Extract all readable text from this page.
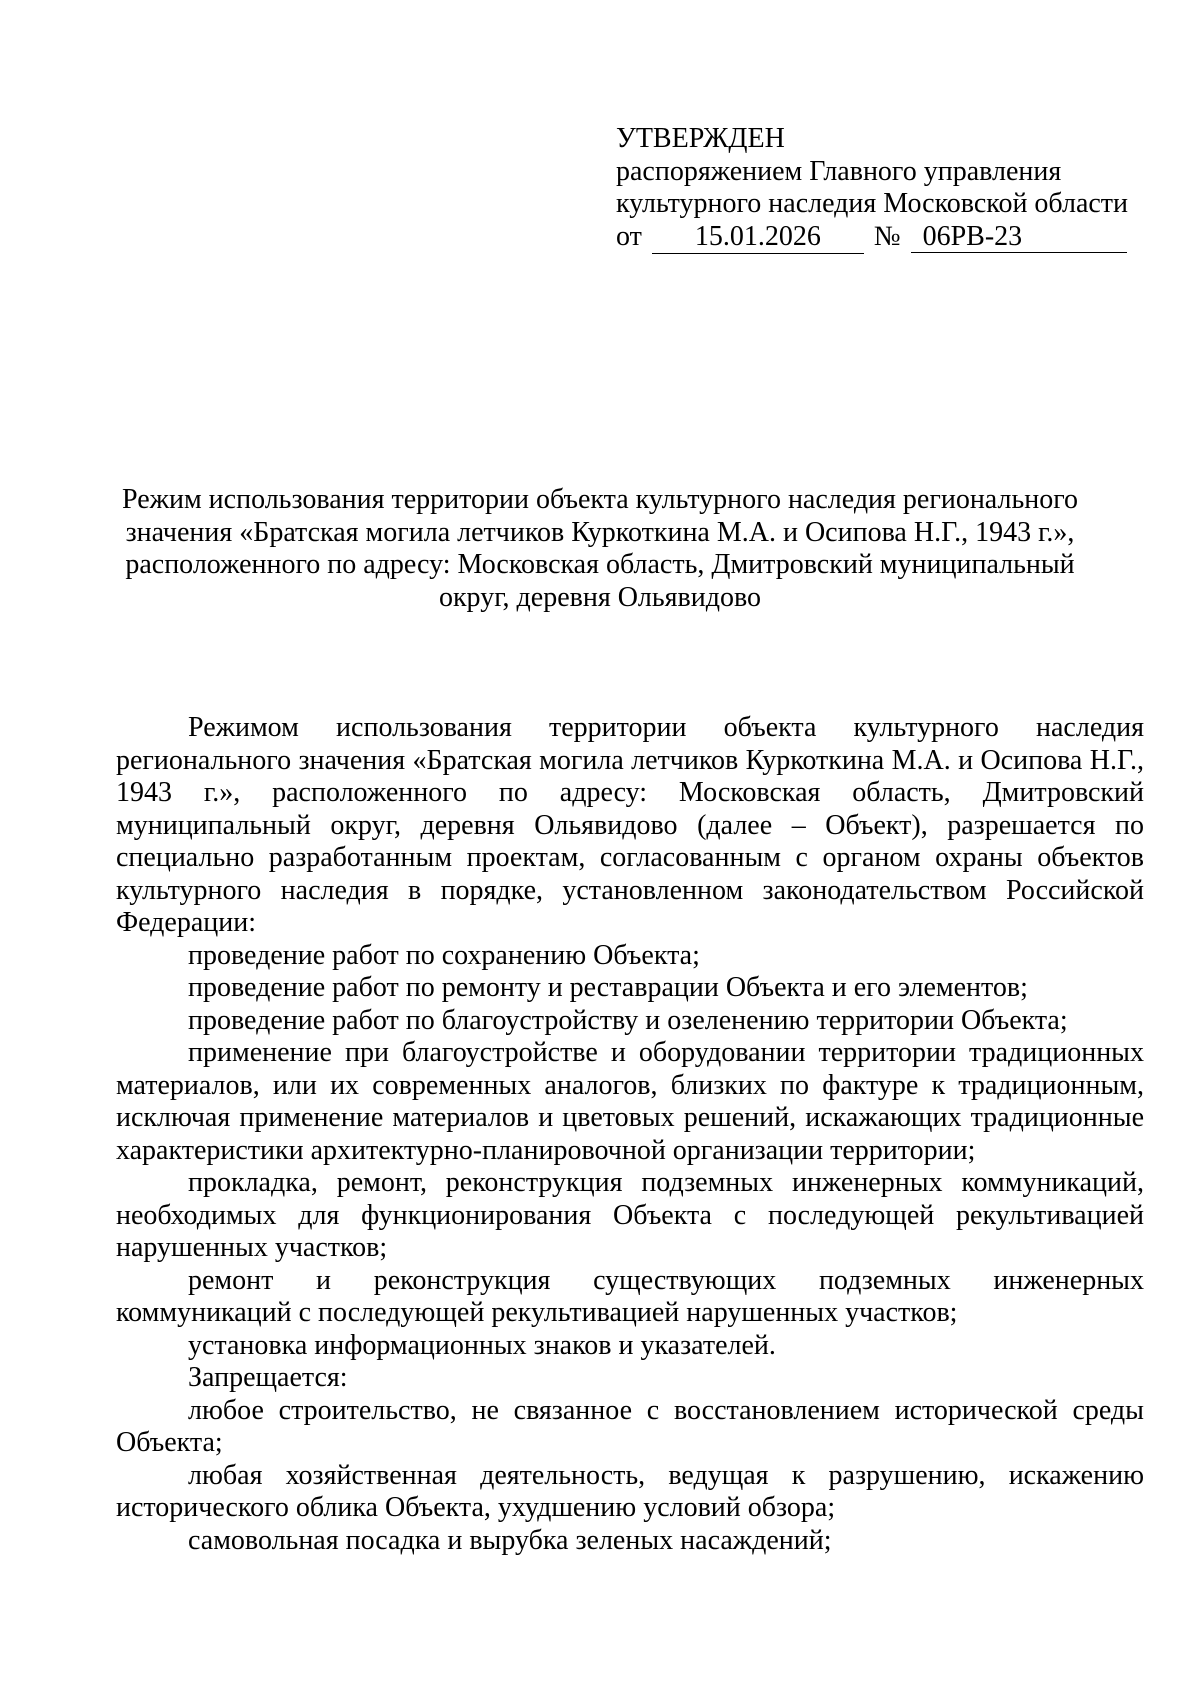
УТВЕРЖДЕН
распоряжением Главного управления
культурного наследия Московской области
от	15.01.2026	№ 06РВ-23
Режим использования территории объекта культурного наследия регионального
значения «Братская могила летчиков Куркоткина М.А. и Осипова Н.Г., 1943 г.»,
расположенного по адресу: Московская область, Дмитровский муниципальный
округ, деревня Ольявидово

Режимом использования территории объекта культурного наследия регионального значения «Братская могила летчиков Куркоткина М.А. и Осипова Н.Г., 1943 г.», расположенного по адресу: Московская область, Дмитровский муниципальный округ, деревня Ольявидово (далее – Объект), разрешается по специально разработанным проектам, согласованным с органом охраны объектов культурного наследия в порядке, установленном законодательством Российской Федерации:

проведение работ по сохранению Объекта;

проведение работ по ремонту и реставрации Объекта и его элементов;

проведение работ по благоустройству и озеленению территории Объекта;

применение при благоустройстве и оборудовании территории традиционных материалов, или их современных аналогов, близких по фактуре к традиционным, исключая применение материалов и цветовых решений, искажающих традиционные характеристики архитектурно-планировочной организации территории;

прокладка, ремонт, реконструкция подземных инженерных коммуникаций, необходимых для функционирования Объекта с последующей рекультивацией нарушенных участков;

ремонт и реконструкция существующих подземных инженерных коммуникаций с последующей рекультивацией нарушенных участков;

установка информационных знаков и указателей.

Запрещается:

любое строительство, не связанное с восстановлением исторической среды Объекта;

любая хозяйственная деятельность, ведущая к разрушению, искажению исторического облика Объекта, ухудшению условий обзора;

самовольная посадка и вырубка зеленых насаждений;
